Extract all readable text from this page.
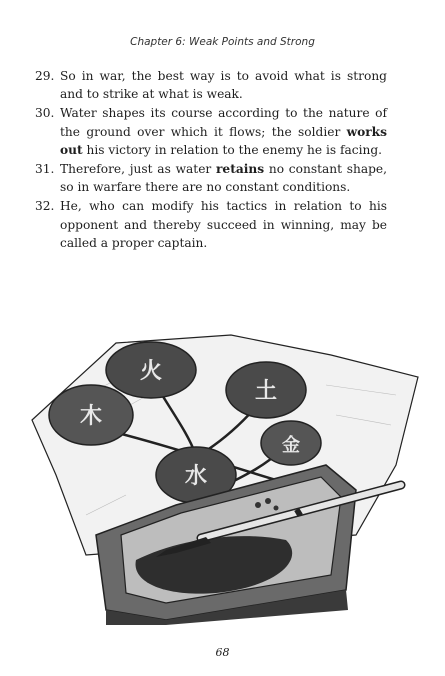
Chapter 6: Weak Points and Strong
29. So in war, the best way is to avoid what is strong and to strike at what is weak.
30. Water shapes its course according to the nature of the ground over which it flows; the soldier works out his victory in relation to the enemy he is facing.
31. Therefore, just as water retains no constant shape, so in warfare there are no constant conditions.
32. He, who can modify his tactics in relation to his opponent and thereby succeed in winning, may be called a proper captain.
火
木
土
金
水
68
